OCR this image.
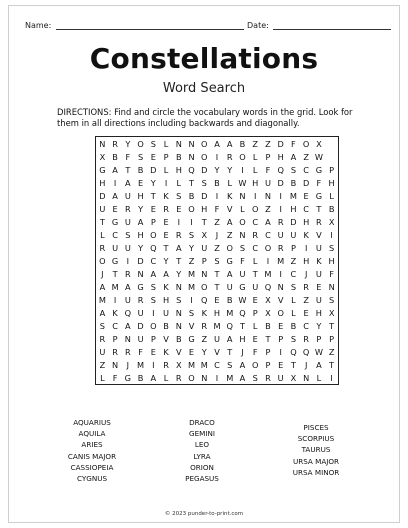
Name:	Date:
Constellations
Word Search
DIRECTIONS: Find and circle the vocabulary words in the grid. Look for them in all directions including backwards and diagonally.
N R Y O S L N N O A A B Z Z D F O X
X B F S E P B N O	I	R O L P H A Z W
G A T B D L H Q D Y Y	I	L F Q S C G P
H	I	A E Y	I	L T S B L W H U D B D F H
D A U H T K S B D	I	K N	I	N	I M E G L
U E R Y E R E O H F V L O Z	I	H C T B
T G U A P E	I	I	T Z A O C A R D H R X
L C S H O E R S X	J	Z N R C U U K V	I
R U U Y Q T A Y U Z O S C O R P	I	U S
O G	I	D C Y T Z P S G F L	I M Z H K H
J	T R N A A Y M N T A U T M I	C	J	U F
A M A G S K N M O T U G U Q N S R E N
M I	U R S H S	I	Q E B W E X V L Z U S
A K Q U	I	U N S K H M Q P X O L E H X
S C A D O B N V R M Q T L B E B C Y T
R P N U P V B G Z U A H E T P S R P P
U R R F E K V E Y V T	J	F P	I	Q Q W Z
Z N	J M I	R X M M C S A O P E T	J	A T
L F G B A L R O N	I M A S R U X N L	I
AQUARIUS
AQUILA
ARIES
CANIS MAJOR
CASSIOPEIA
CYGNUS
DRACO
GEMINI
LEO
LYRA
ORION
PEGASUS
PISCES
SCORPIUS
TAURUS
URSA MAJOR
URSA MINOR
© 2023 punder-to-print.com
